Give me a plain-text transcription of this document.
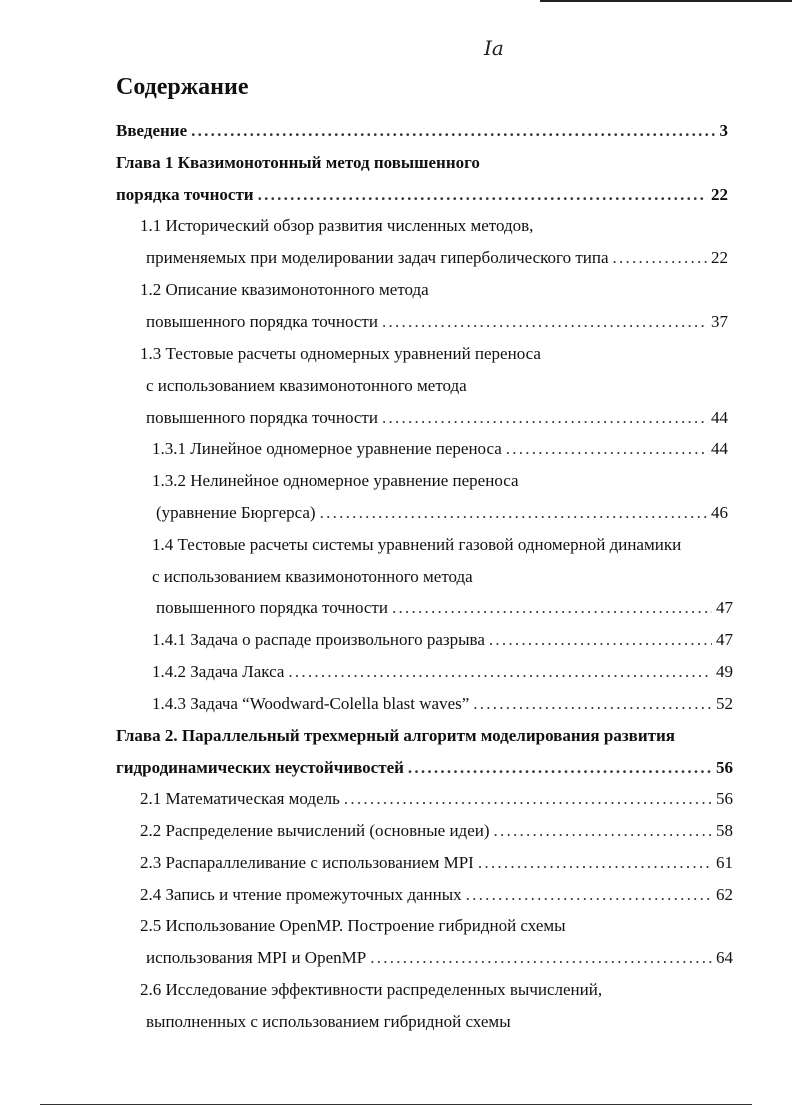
Ia
Содержание
Введение . . .	3
Глава 1 Квазимонотонный метод повышенного
порядка точности . . .	22
1.1 Исторический обзор развития численных методов,
применяемых при моделировании задач гиперболического типа . . .	22
1.2 Описание квазимонотонного метода
повышенного порядка точности . . .	37
1.3 Тестовые расчеты одномерных уравнений переноса
с использованием квазимонотонного метода
повышенного порядка точности . . .	44
1.3.1 Линейное одномерное уравнение переноса . . .	44
1.3.2 Нелинейное одномерное уравнение переноса
(уравнение Бюргерса) . . .	46
1.4 Тестовые расчеты системы уравнений газовой одномерной динамики
с использованием квазимонотонного метода
повышенного порядка точности . . .	47
1.4.1 Задача о распаде произвольного разрыва . . .	47
1.4.2 Задача Лакса . . .	49
1.4.3 Задача “Woodward-Colella blast waves” . . .	52
Глава 2. Параллельный трехмерный алгоритм моделирования развития
гидродинамических неустойчивостей . . .	56
2.1 Математическая модель . . .	56
2.2 Распределение вычислений (основные идеи) . . .	58
2.3 Распараллеливание с использованием MPI . . .	61
2.4 Запись и чтение промежуточных данных . . .	62
2.5 Использование OpenMP. Построение гибридной схемы
использования MPI и OpenMP . . .	64
2.6 Исследование эффективности распределенных вычислений,
выполненных с использованием гибридной схемы
